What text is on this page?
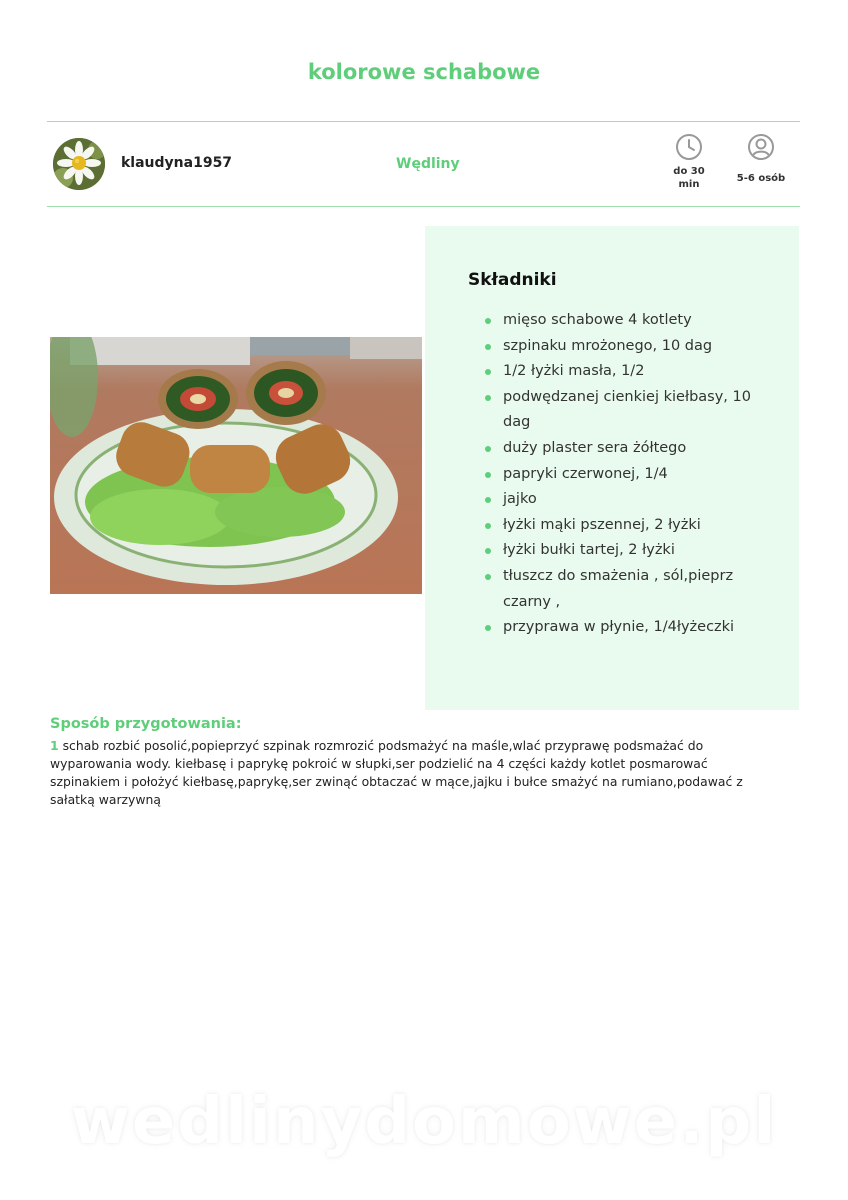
kolorowe schabowe
klaudyna1957	Wędliny	do 30 min
5-6 osób
Składniki
mięso schabowe 4 kotlety
szpinaku mrożonego, 10 dag
1/2 łyżki masła, 1/2
podwędzanej cienkiej kiełbasy, 10 dag
duży plaster sera żółtego
papryki czerwonej, 1/4
jajko
łyżki mąki pszennej, 2 łyżki
łyżki bułki tartej, 2 łyżki
tłuszcz do smażenia , sól,pieprz czarny ,
przyprawa w płynie, 1/4łyżeczki
Sposób przygotowania:

1 schab rozbić posolić,popieprzyć szpinak rozmrozić podsmażyć na maśle,wlać przyprawę podsmażać do wyparowania wody. kiełbasę i paprykę pokroić w słupki,ser podzielić na 4 części każdy kotlet posmarować szpinakiem i położyć kiełbasę,paprykę,ser zwinąć obtaczać w mące,jajku i bułce smażyć na rumiano,podawać z sałatką warzywną

wedlinydomowe.pl
